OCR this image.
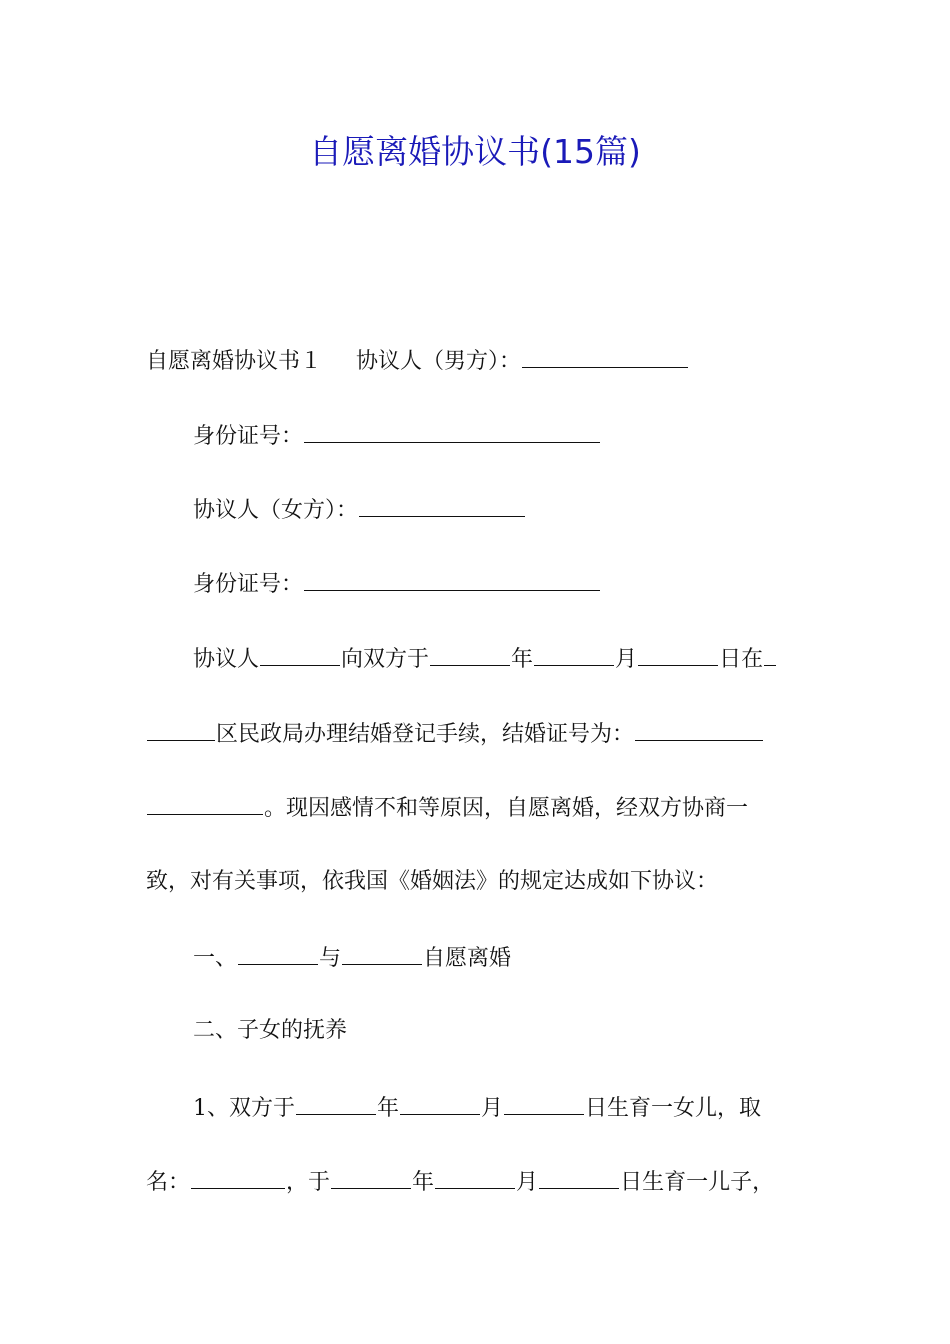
自愿离婚协议书(15篇)
自愿离婚协议书１ 协议人（男方）：
身份证号：
协议人（女方）：
身份证号：
协议人	向双方于	年	月	日在
区民政局办理结婚登记手续，结婚证号为：
。现因感情不和等原因，自愿离婚，经双方协商一
致，对有关事项，依我国《婚姻法》的规定达成如下协议：
一、	与	自愿离婚
二、子女的抚养
1、双方于	年	月	日生育一女儿，取
名：	，于	年	月	日生育一儿子，
